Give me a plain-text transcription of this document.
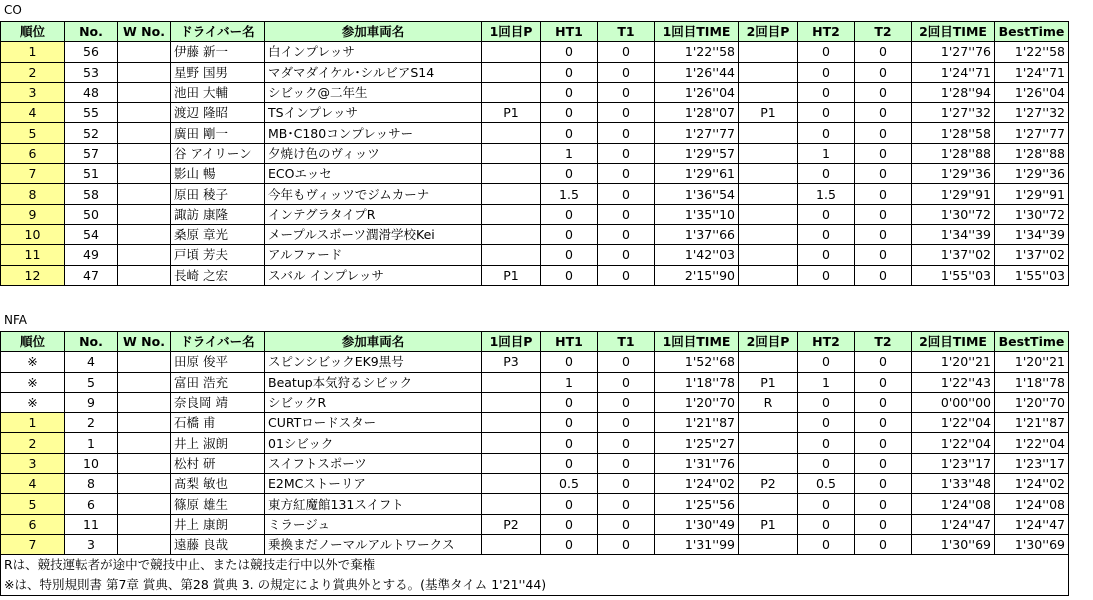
CO
順位	No.	W No.	ドライバー名	参加車両名	1回目P	HT1	T1	1回目TIME	2回目P	HT2	T2	2回目TIME	BestTime
1	56		伊藤 新一	白インプレッサ		0	0	1'22''58		0	0	1'27''76	1'22''58
2	53		星野 国男	マダマダイケル･シルビアS14		0	0	1'26''44		0	0	1'24''71	1'24''71
3	48		池田 大輔	シビック@二年生		0	0	1'26''04		0	0	1'28''94	1'26''04
4	55		渡辺 隆昭	TSインプレッサ	P1	0	0	1'28''07	P1	0	0	1'27''32	1'27''32
5	52		廣田 剛一	MB･C180コンプレッサー		0	0	1'27''77		0	0	1'28''58	1'27''77
6	57		谷 アイリーン	夕焼け色のヴィッツ		1	0	1'29''57		1	0	1'28''88	1'28''88
7	51		影山 暢	ECOエッセ		0	0	1'29''61		0	0	1'29''36	1'29''36
8	58		原田 稜子	今年もヴィッツでジムカーナ		1.5	0	1'36''54		1.5	0	1'29''91	1'29''91
9	50		諏訪 康隆	インテグラタイプR		0	0	1'35''10		0	0	1'30''72	1'30''72
10	54		桑原 章光	メープルスポーツ潤滑学校Kei		0	0	1'37''66		0	0	1'34''39	1'34''39
11	49		戸頃 芳夫	アルファード		0	0	1'42''03		0	0	1'37''02	1'37''02
12	47		長崎 之宏	スバル インプレッサ	P1	0	0	2'15''90		0	0	1'55''03	1'55''03
NFA
順位	No.	W No.	ドライバー名	参加車両名	1回目P	HT1	T1	1回目TIME	2回目P	HT2	T2	2回目TIME	BestTime
※	4		田原 俊平	スピンシビックEK9黒号	P3	0	0	1'52''68		0	0	1'20''21	1'20''21
※	5		富田 浩充	Beatup本気狩るシビック		1	0	1'18''78	P1	1	0	1'22''43	1'18''78
※	9		奈良岡 靖	シビックR		0	0	1'20''70	R	0	0	0'00''00	1'20''70
1	2		石橋 甫	CURTロードスター		0	0	1'21''87		0	0	1'22''04	1'21''87
2	1		井上 淑朗	01シビック		0	0	1'25''27		0	0	1'22''04	1'22''04
3	10		松村 研	スイフトスポーツ		0	0	1'31''76		0	0	1'23''17	1'23''17
4	8		髙梨 敏也	E2MCストーリア		0.5	0	1'24''02	P2	0.5	0	1'33''48	1'24''02
5	6		篠原 雄生	東方紅魔館131スイフト		0	0	1'25''56		0	0	1'24''08	1'24''08
6	11		井上 康朗	ミラージュ	P2	0	0	1'30''49	P1	0	0	1'24''47	1'24''47
7	3		遠藤 良哉	乗換まだノーマルアルトワークス		0	0	1'31''99		0	0	1'30''69	1'30''69
Rは、競技運転者が途中で競技中止、または競技走行中以外で棄権
※は、特別規則書 第7章 賞典、第28 賞典 3. の規定により賞典外とする。(基準タイム 1'21''44)
